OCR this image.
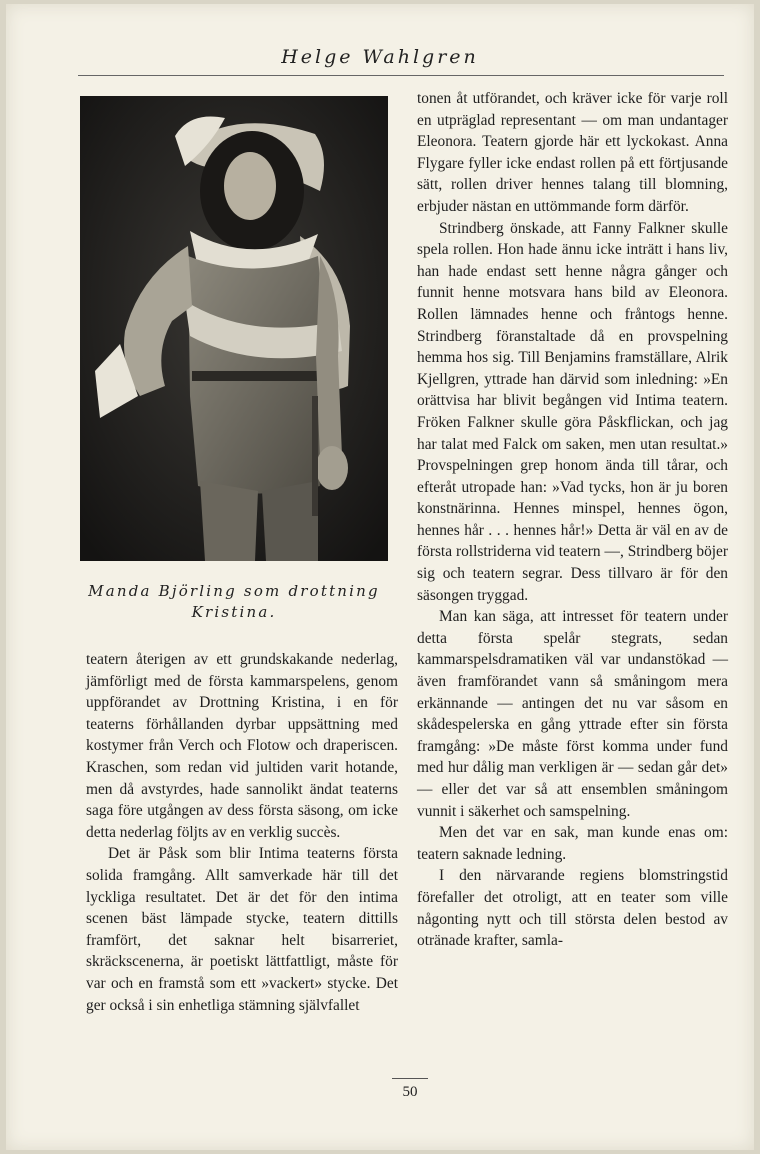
Helge Wahlgren
Manda Björling som drottning Kristina.

teatern återigen av ett grundskakande nederlag, jämförligt med de första kammarspelens, genom uppförandet av Drottning Kristina, i en för teaterns förhållanden dyrbar uppsättning med kostymer från Verch och Flotow och draperiscen. Kraschen, som redan vid jultiden varit hotande, men då avstyrdes, hade sannolikt ändat teaterns saga före utgången av dess första säsong, om icke detta nederlag följts av en verklig succès.

Det är Påsk som blir Intima teaterns första solida framgång. Allt samverkade här till det lyckliga resultatet. Det är det för den intima scenen bäst lämpade stycke, teatern dittills framfört, det saknar helt bisarreriet, skräckscenerna, är poetiskt lättfattligt, måste för var och en framstå som ett »vackert» stycke. Det ger också i sin enhetliga stämning självfallet

tonen åt utförandet, och kräver icke för varje roll en utpräglad representant — om man undantager Eleonora. Teatern gjorde här ett lyckokast. Anna Flygare fyller icke endast rollen på ett förtjusande sätt, rollen driver hennes talang till blomning, erbjuder nästan en uttömmande form därför.

Strindberg önskade, att Fanny Falkner skulle spela rollen. Hon hade ännu icke inträtt i hans liv, han hade endast sett henne några gånger och funnit henne motsvara hans bild av Eleonora. Rollen lämnades henne och fråntogs henne. Strindberg föranstaltade då en provspelning hemma hos sig. Till Benjamins framställare, Alrik Kjellgren, yttrade han därvid som inledning: »En orättvisa har blivit begången vid Intima teatern. Fröken Falkner skulle göra Påskflickan, och jag har talat med Falck om saken, men utan resultat.» Provspelningen grep honom ända till tårar, och efteråt utropade han: »Vad tycks, hon är ju boren konstnärinna. Hennes minspel, hennes ögon, hennes hår . . . hennes hår!» Detta är väl en av de första rollstriderna vid teatern —, Strindberg böjer sig och teatern segrar. Dess tillvaro är för den säsongen tryggad.

Man kan säga, att intresset för teatern under detta första spelår stegrats, sedan kammarspelsdramatiken väl var undanstökad — även framförandet vann så småningom mera erkännande — antingen det nu var såsom en skådespelerska en gång yttrade efter sin första framgång: »De måste först komma under fund med hur dålig man verkligen är — sedan går det» — eller det var så att ensemblen småningom vunnit i säkerhet och samspelning.

Men det var en sak, man kunde enas om: teatern saknade ledning.

I den närvarande regiens blomstringstid förefaller det otroligt, att en teater som ville någonting nytt och till största delen bestod av otränade krafter, samla-

50
